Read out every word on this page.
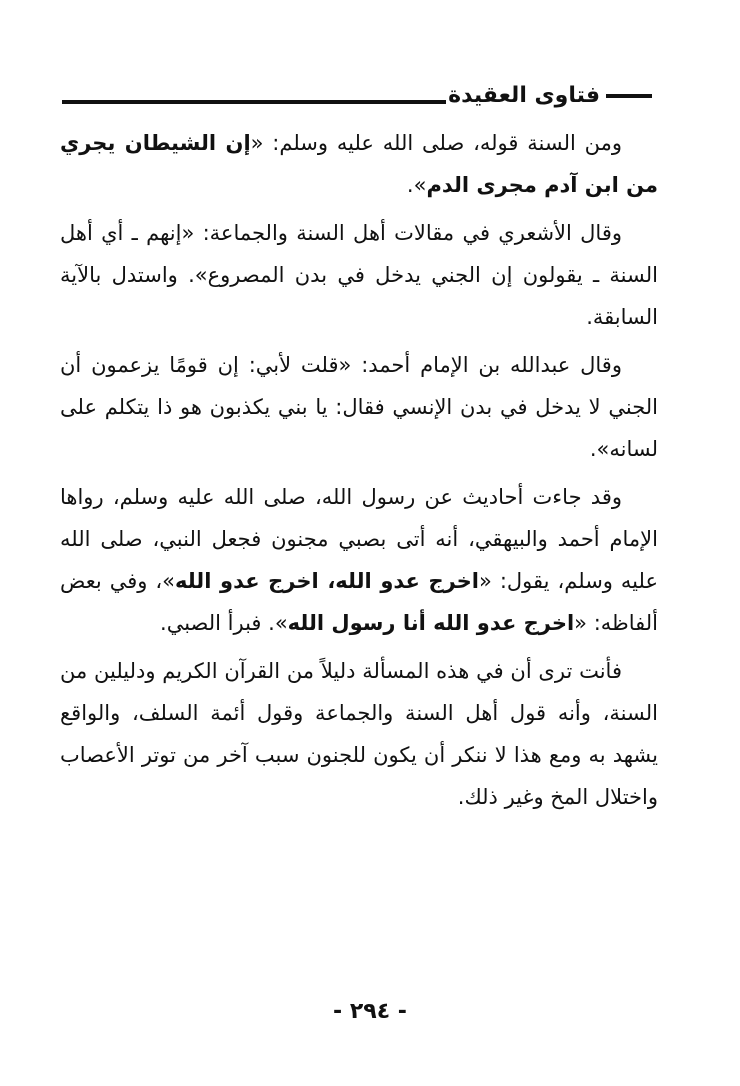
فتاوى العقيدة

ومن السنة قوله، صلى الله عليه وسلم: «إن الشيطان يجري من ابن آدم مجرى الدم».

وقال الأشعري في مقالات أهل السنة والجماعة: «إنهم ـ أي أهل السنة ـ يقولون إن الجني يدخل في بدن المصروع». واستدل بالآية السابقة.

وقال عبدالله بن الإمام أحمد: «قلت لأبي: إن قومًا يزعمون أن الجني لا يدخل في بدن الإنسي فقال: يا بني يكذبون هو ذا يتكلم على لسانه».

وقد جاءت أحاديث عن رسول الله، صلى الله عليه وسلم، رواها الإمام أحمد والبيهقي، أنه أتى بصبي مجنون فجعل النبي، صلى الله عليه وسلم، يقول: «اخرج عدو الله، اخرج عدو الله»، وفي بعض ألفاظه: «اخرج عدو الله أنا رسول الله». فبرأ الصبي.

فأنت ترى أن في هذه المسألة دليلاً من القرآن الكريم ودليلين من السنة، وأنه قول أهل السنة والجماعة وقول أئمة السلف، والواقع يشهد به ومع هذا لا ننكر أن يكون للجنون سبب آخر من توتر الأعصاب واختلال المخ وغير ذلك.

- ٢٩٤ -
